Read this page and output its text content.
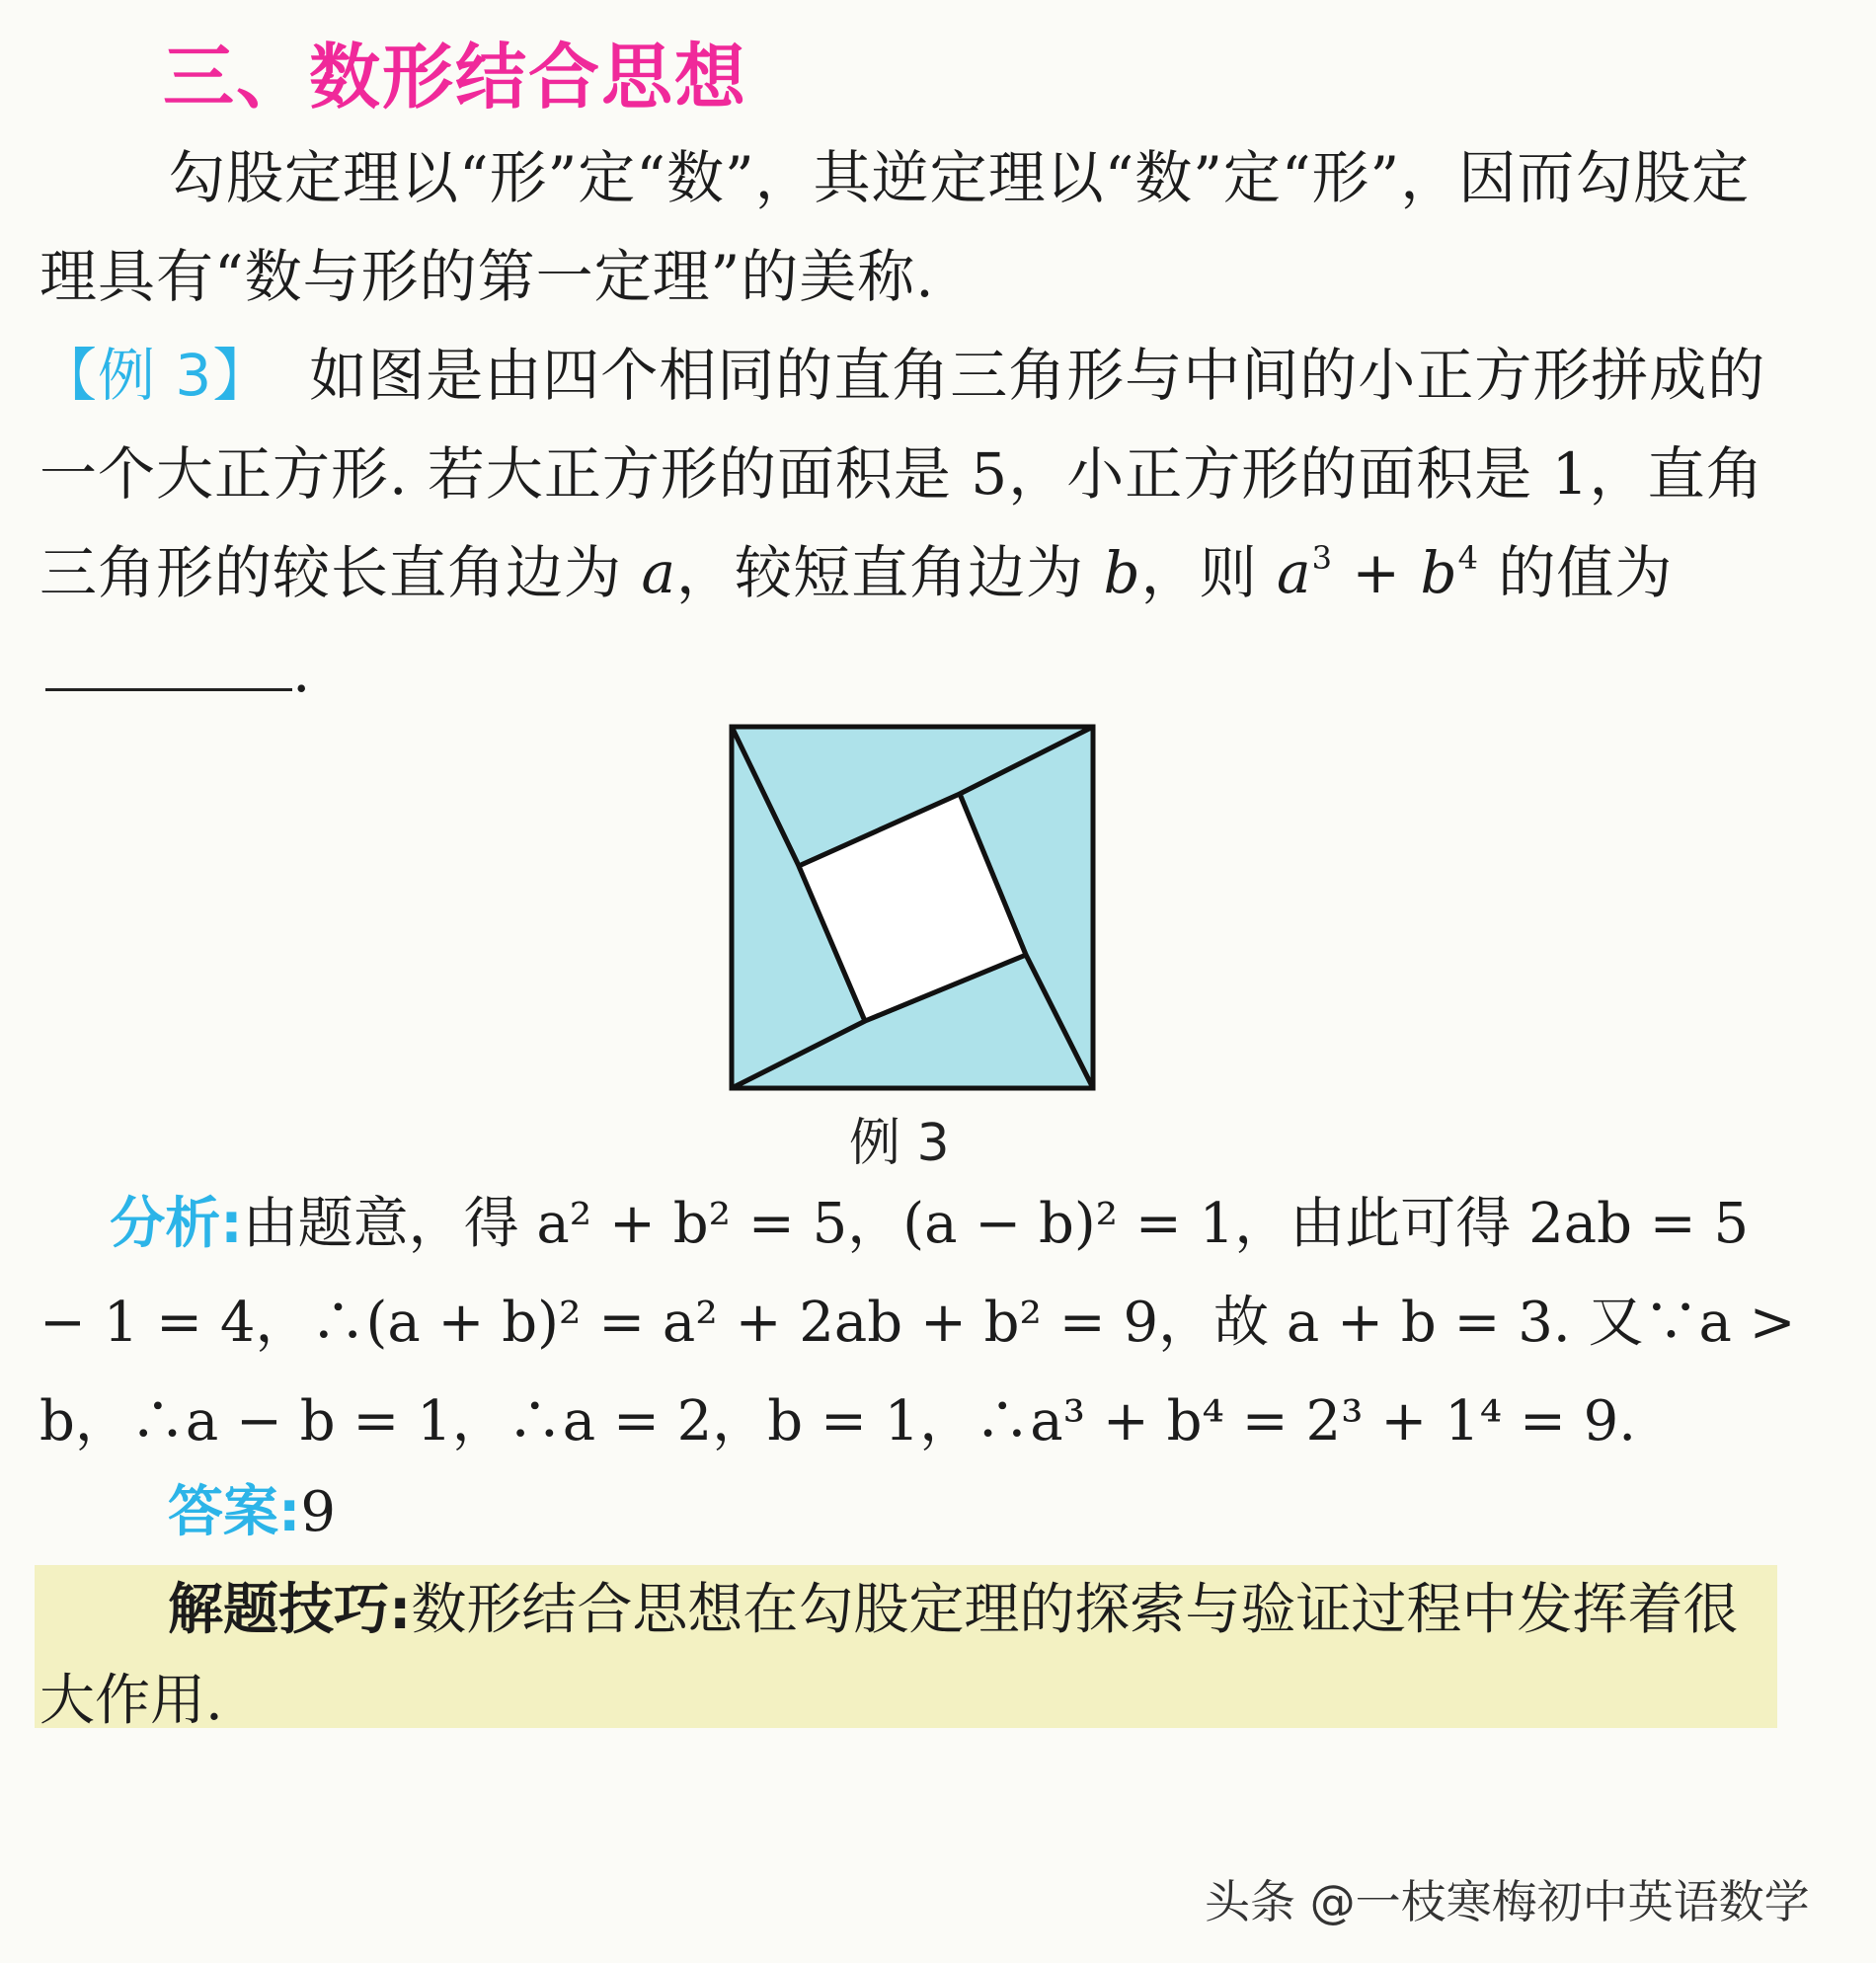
三、数形结合思想
勾股定理以“形”定“数”，其逆定理以“数”定“形”，因而勾股定理具有“数与形的第一定理”的美称.
【例 3】 如图是由四个相同的直角三角形与中间的小正方形拼成的一个大正方形. 若大正方形的面积是 5，小正方形的面积是 1，直角三角形的较长直角边为 a，较短直角边为 b，则 $a^3 + b^4$ 的值为.
例 3
分析:由题意，得 a² + b² = 5，(a − b)² = 1，由此可得 2ab = 5 − 1 = 4，∴(a + b)² = a² + 2ab + b² = 9，故 a + b = 3. 又∵a > b，∴a − b = 1，∴a = 2，b = 1，∴a³ + b⁴ = 2³ + 1⁴ = 9.
答案:9
解题技巧:数形结合思想在勾股定理的探索与验证过程中发挥着很大作用.
头条 @一枝寒梅初中英语数学
